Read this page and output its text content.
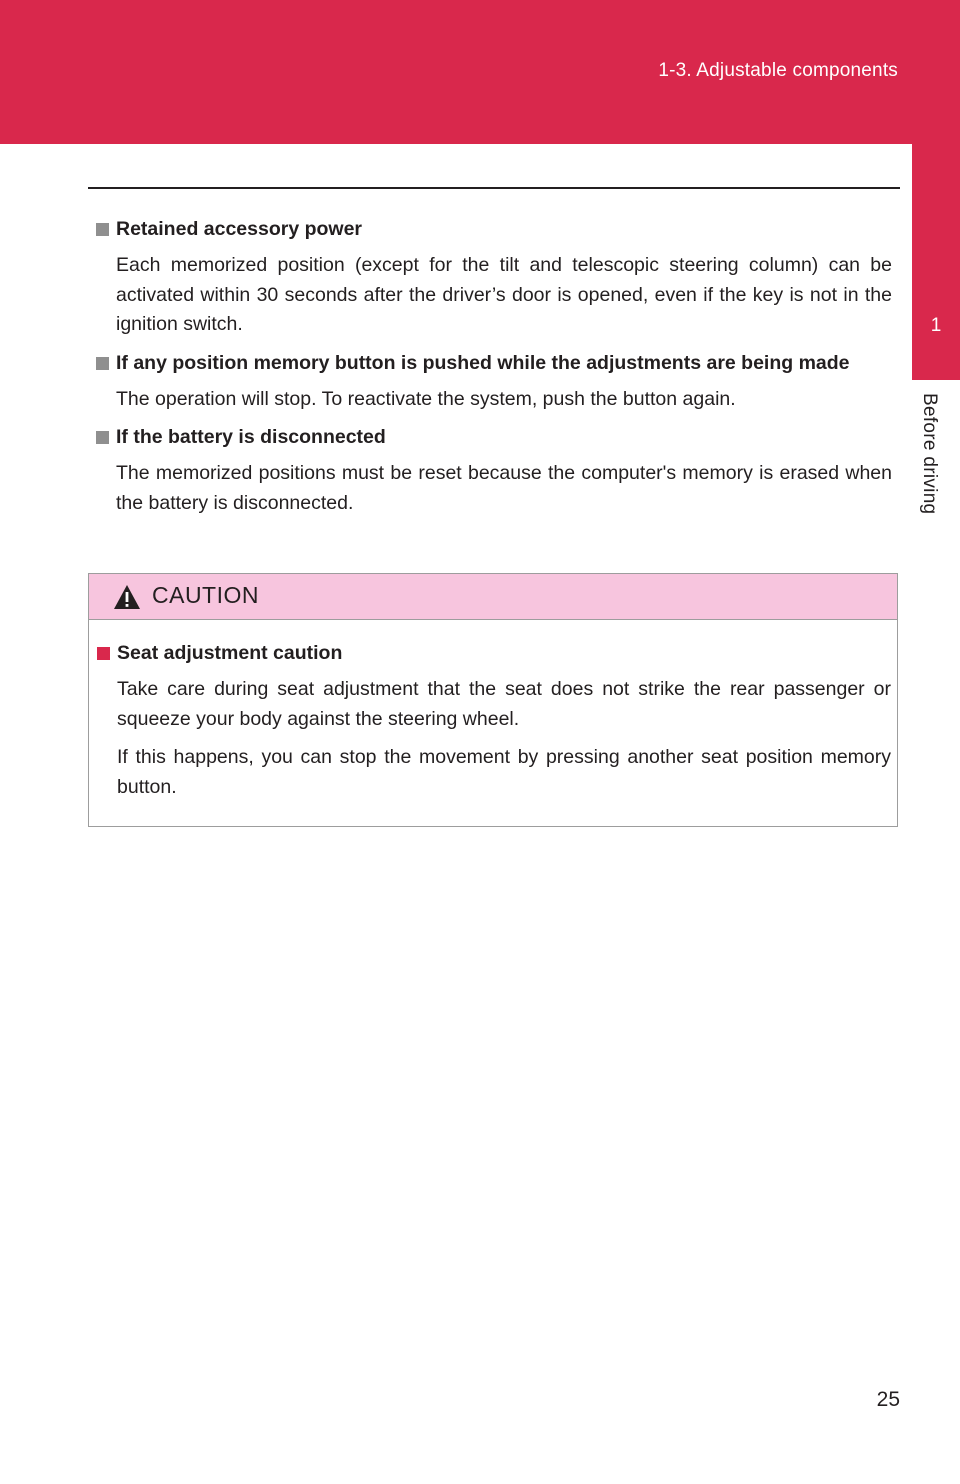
1-3. Adjustable components
1
Before driving
Retained accessory power
Each memorized position (except for the tilt and telescopic steering column) can be activated within 30 seconds after the driver’s door is opened, even if the key is not in the ignition switch.
If any position memory button is pushed while the adjustments are being made
The operation will stop. To reactivate the system, push the button again.
If the battery is disconnected
The memorized positions must be reset because the computer's memory is erased when the battery is disconnected.
CAUTION
Seat adjustment caution

Take care during seat adjustment that the seat does not strike the rear passenger or squeeze your body against the steering wheel.

If this happens, you can stop the movement by pressing another seat position memory button.

25
